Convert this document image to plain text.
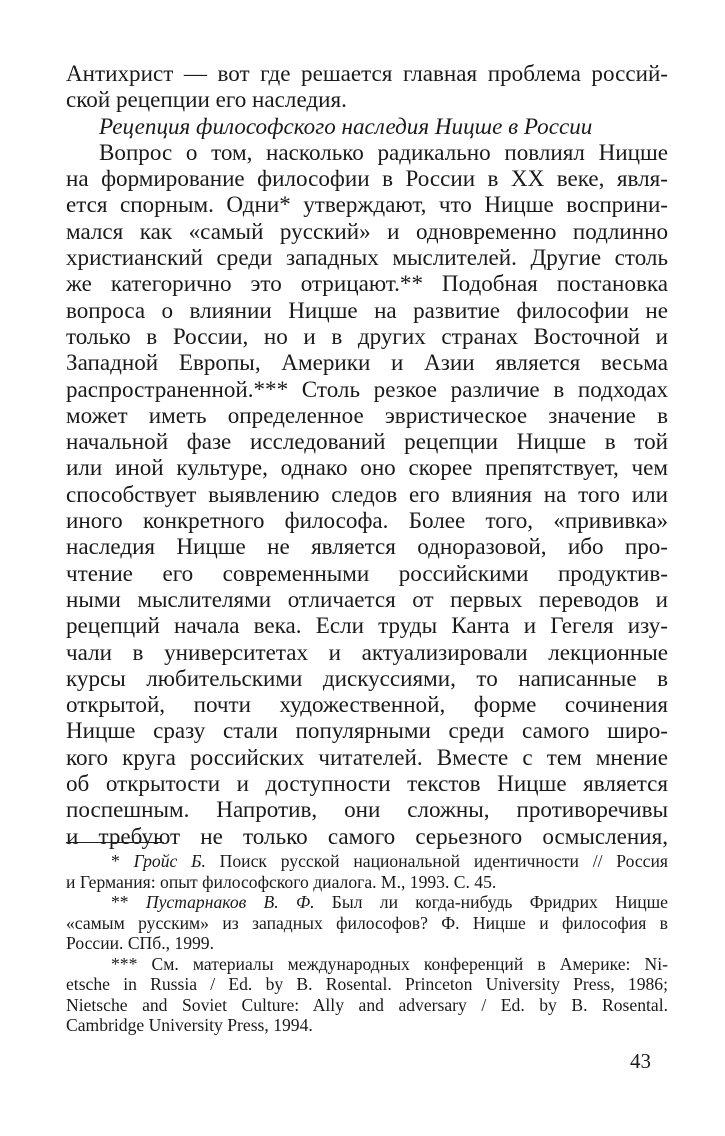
Антихрист — вот где решается главная проблема россий-
ской рецепции его наследия.
Рецепция философского наследия Ницше в России
Вопрос о том, насколько радикально повлиял Ницше
на формирование философии в России в XX веке, явля-
ется спорным. Одни* утверждают, что Ницше восприни-
мался как «самый русский» и одновременно подлинно
христианский среди западных мыслителей. Другие столь
же категорично это отрицают.** Подобная постановка
вопроса о влиянии Ницше на развитие философии не
только в России, но и в других странах Восточной и
Западной Европы, Америки и Азии является весьма
распространенной.*** Столь резкое различие в подходах
может иметь определенное эвристическое значение в
начальной фазе исследований рецепции Ницше в той
или иной культуре, однако оно скорее препятствует, чем
способствует выявлению следов его влияния на того или
иного конкретного философа. Более того, «прививка»
наследия Ницше не является одноразовой, ибо про-
чтение его современными российскими продуктив-
ными мыслителями отличается от первых переводов и
рецепций начала века. Если труды Канта и Гегеля изу-
чали в университетах и актуализировали лекционные
курсы любительскими дискуссиями, то написанные в
открытой, почти художественной, форме сочинения
Ницше сразу стали популярными среди самого широ-
кого круга российских читателей. Вместе с тем мнение
об открытости и доступности текстов Ницше является
поспешным. Напротив, они сложны, противоречивы
и требуют не только самого серьезного осмысления,
* Гройс Б. Поиск русской национальной идентичности // Россия
и Германия: опыт философского диалога. М., 1993. С. 45.
** Пустарнаков В. Ф. Был ли когда-нибудь Фридрих Ницше
«самым русским» из западных философов? Ф. Ницше и философия в
России. СПб., 1999.
*** См. материалы международных конференций в Америке: Ni-
etsche in Russia / Ed. by B. Rosental. Princeton University Press, 1986;
Nietsche and Soviet Culture: Ally and adversary / Ed. by B. Rosental.
Cambridge University Press, 1994.
43
